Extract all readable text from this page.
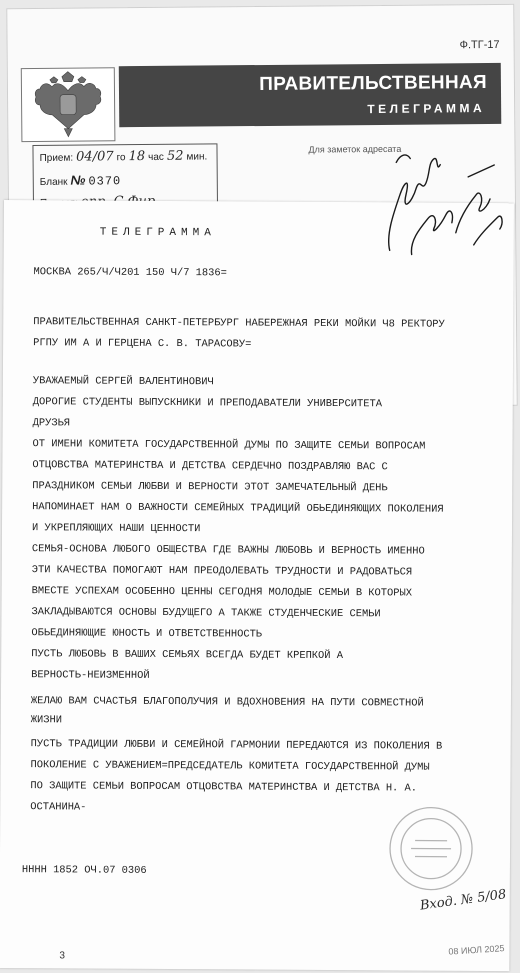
Ф.ТГ-17
ПРАВИТЕЛЬСТВЕННАЯ
ТЕЛЕГРАММА
Прием: 04/07 го 18 час 52 мин.
Бланк № 0370
Для заметок адресата
ТЕЛЕГРАММА
МОСКВА 265/Ч/Ч201 150 Ч/7 1836=
ПРАВИТЕЛЬСТВЕННАЯ САНКТ-ПЕТЕРБУРГ НАБЕРЕЖНАЯ РЕКИ МОЙКИ Ч8 РЕКТОРУ
РГПУ ИМ А И ГЕРЦЕНА С. В. ТАРАСОВУ=
УВАЖАЕМЫЙ СЕРГЕЙ ВАЛЕНТИНОВИЧ
ДОРОГИЕ СТУДЕНТЫ ВЫПУСКНИКИ И ПРЕПОДАВАТЕЛИ УНИВЕРСИТЕТА
ДРУЗЬЯ
ОТ ИМЕНИ КОМИТЕТА ГОСУДАРСТВЕННОЙ ДУМЫ ПО ЗАЩИТЕ СЕМЬИ ВОПРОСАМ
ОТЦОВСТВА МАТЕРИНСТВА И ДЕТСТВА СЕРДЕЧНО ПОЗДРАВЛЯЮ ВАС С
ПРАЗДНИКОМ СЕМЬИ ЛЮБВИ И ВЕРНОСТИ ЭТОТ ЗАМЕЧАТЕЛЬНЫЙ ДЕНЬ
НАПОМИНАЕТ НАМ О ВАЖНОСТИ СЕМЕЙНЫХ ТРАДИЦИЙ ОБЬЕДИНЯЮЩИХ ПОКОЛЕНИЯ
И УКРЕПЛЯЮЩИХ НАШИ ЦЕННОСТИ
СЕМЬЯ-ОСНОВА ЛЮБОГО ОБЩЕСТВА ГДЕ ВАЖНЫ ЛЮБОВЬ И ВЕРНОСТЬ ИМЕННО
ЭТИ КАЧЕСТВА ПОМОГАЮТ НАМ ПРЕОДОЛЕВАТЬ ТРУДНОСТИ И РАДОВАТЬСЯ
ВМЕСТЕ УСПЕХАМ ОСОБЕННО ЦЕННЫ СЕГОДНЯ МОЛОДЫЕ СЕМЬИ В КОТОРЫХ
ЗАКЛАДЫВАЮТСЯ ОСНОВЫ БУДУЩЕГО А ТАКЖЕ СТУДЕНЧЕСКИЕ СЕМЬИ
ОБЬЕДИНЯЮЩИЕ ЮНОСТЬ И ОТВЕТСТВЕННОСТЬ
ПУСТЬ ЛЮБОВЬ В ВАШИХ СЕМЬЯХ ВСЕГДА БУДЕТ КРЕПКОЙ А
ВЕРНОСТЬ-НЕИЗМЕННОЙ
ЖЕЛАЮ ВАМ СЧАСТЬЯ БЛАГОПОЛУЧИЯ И ВДОХНОВЕНИЯ НА ПУТИ СОВМЕСТНОЙ
ЖИЗНИ
ПУСТЬ ТРАДИЦИИ ЛЮБВИ И СЕМЕЙНОЙ ГАРМОНИИ ПЕРЕДАЮТСЯ ИЗ ПОКОЛЕНИЯ В
ПОКОЛЕНИЕ С УВАЖЕНИЕМ=ПРЕДСЕДАТЕЛЬ КОМИТЕТА ГОСУДАРСТВЕННОЙ ДУМЫ
ПО ЗАЩИТЕ СЕМЬИ ВОПРОСАМ ОТЦОВСТВА МАТЕРИНСТВА И ДЕТСТВА Н. А.
ОСТАНИНА-
НННН 1852 ОЧ.07 0306
3
Вход. № 5/08
08 ИЮЛ 2025
